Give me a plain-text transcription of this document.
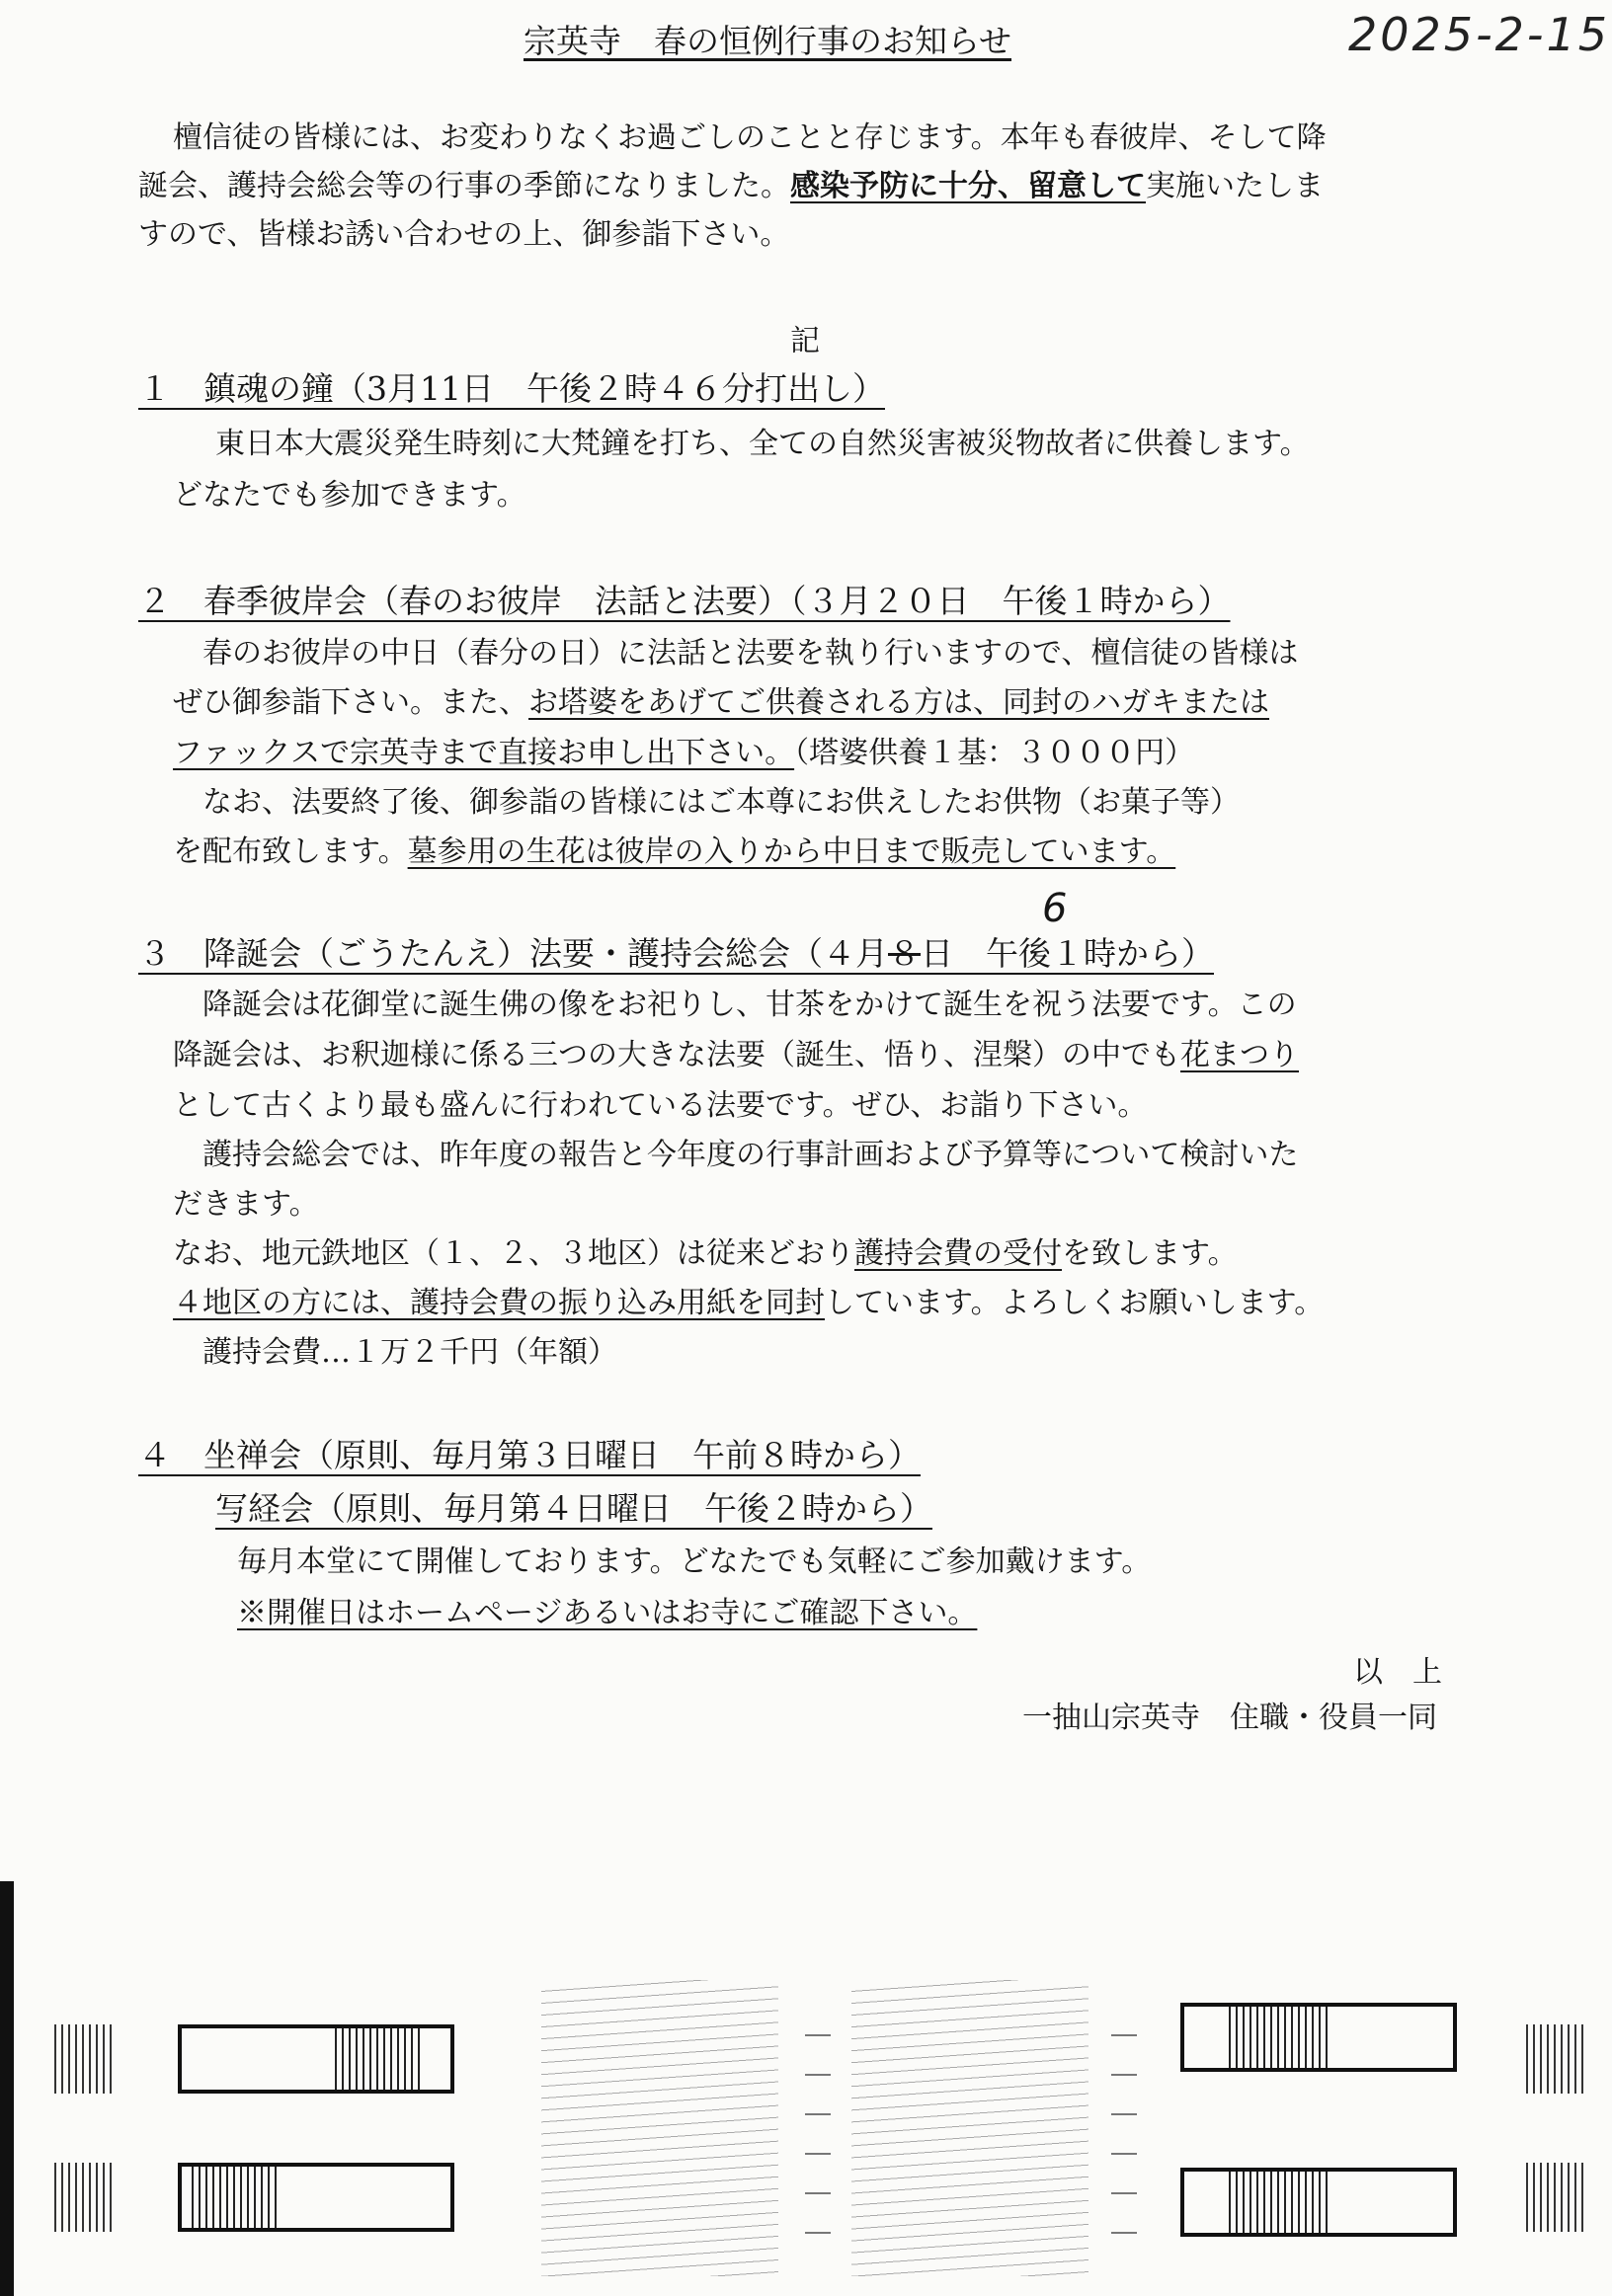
2025-2-15
宗英寺　春の恒例行事のお知らせ

檀信徒の皆様には、お変わりなくお過ごしのことと存じます。本年も春彼岸、そして降

誕会、護持会総会等の行事の季節になりました。感染予防に十分、留意して実施いたしま

すので、皆様お誘い合わせの上、御参詣下さい。

記

１　鎮魂の鐘（3月11日　午後２時４６分打出し）

東日本大震災発生時刻に大梵鐘を打ち、全ての自然災害被災物故者に供養します。

どなたでも参加できます。

２　春季彼岸会（春のお彼岸　法話と法要）（３月２０日　午後１時から）

春のお彼岸の中日（春分の日）に法話と法要を執り行いますので、檀信徒の皆様は

ぜひ御参詣下さい。また、お塔婆をあげてご供養される方は、同封のハガキまたは

ファックスで宗英寺まで直接お申し出下さい。（塔婆供養１基：３０００円）

なお、法要終了後、御参詣の皆様にはご本尊にお供えしたお供物（お菓子等）

を配布致します。墓参用の生花は彼岸の入りから中日まで販売しています。

6

３　降誕会（ごうたんえ）法要・護持会総会（４月８日　午後１時から）

降誕会は花御堂に誕生佛の像をお祀りし、甘茶をかけて誕生を祝う法要です。この

降誕会は、お釈迦様に係る三つの大きな法要（誕生、悟り、涅槃）の中でも花まつり

として古くより最も盛んに行われている法要です。ぜひ、お詣り下さい。

護持会総会では、昨年度の報告と今年度の行事計画および予算等について検討いた

だきます。

なお、地元鉄地区（１、２、３地区）は従来どおり護持会費の受付を致します。

４地区の方には、護持会費の振り込み用紙を同封しています。よろしくお願いします。

護持会費…１万２千円（年額）

４　坐禅会（原則、毎月第３日曜日　午前８時から）

写経会（原則、毎月第４日曜日　午後２時から）

毎月本堂にて開催しております。どなたでも気軽にご参加戴けます。

※開催日はホームページあるいはお寺にご確認下さい。

以　上
一抽山宗英寺　住職・役員一同
